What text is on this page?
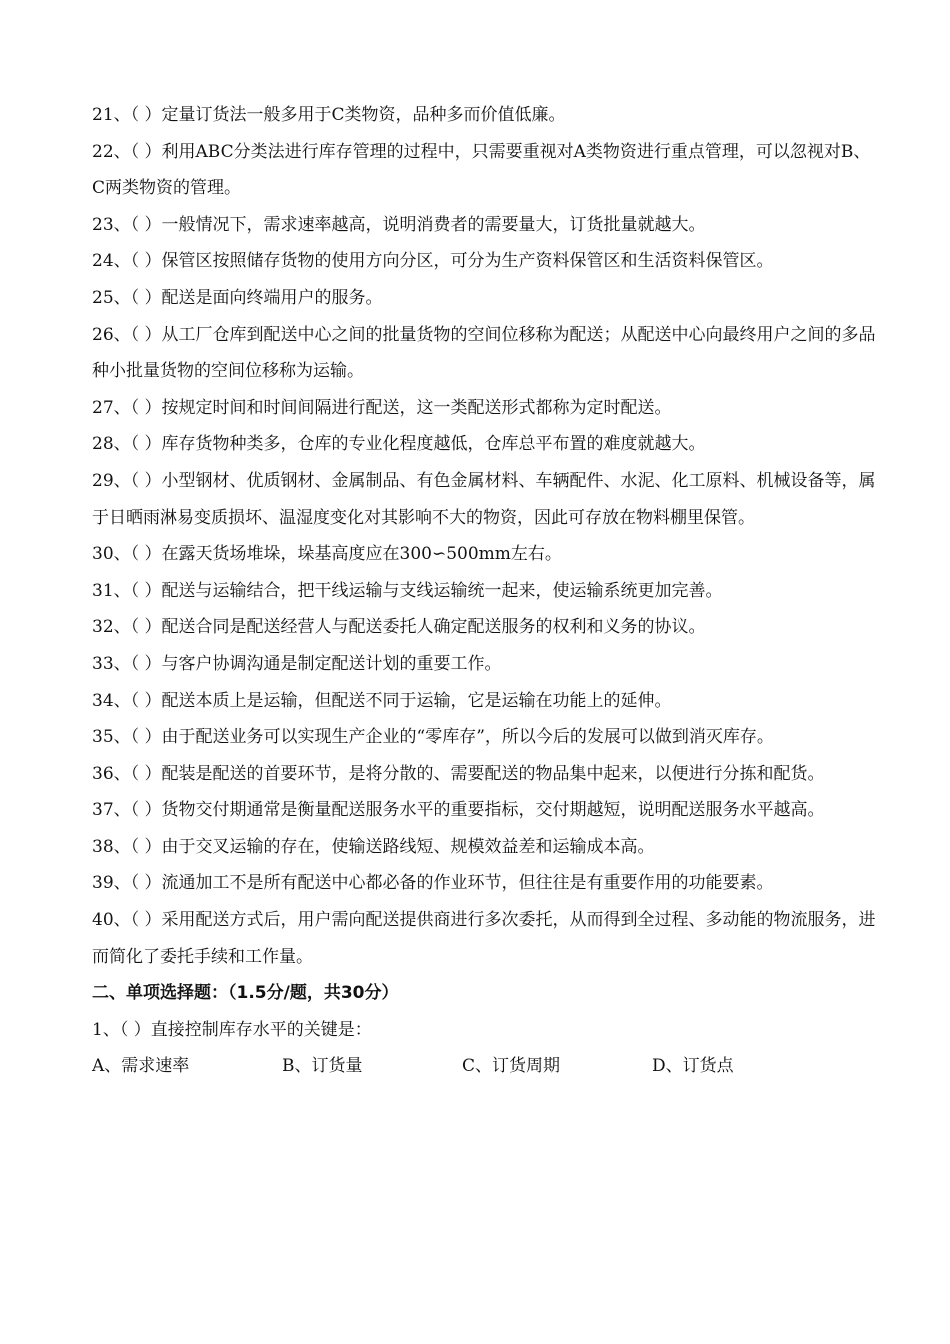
21、（ ）定量订货法一般多用于C类物资，品种多而价值低廉。

22、（ ）利用ABC分类法进行库存管理的过程中，只需要重视对A类物资进行重点管理，可以忽视对B、C两类物资的管理。

23、（ ）一般情况下，需求速率越高，说明消费者的需要量大，订货批量就越大。

24、（ ）保管区按照储存货物的使用方向分区，可分为生产资料保管区和生活资料保管区。

25、（ ）配送是面向终端用户的服务。

26、（ ）从工厂仓库到配送中心之间的批量货物的空间位移称为配送；从配送中心向最终用户之间的多品种小批量货物的空间位移称为运输。

27、（ ）按规定时间和时间间隔进行配送，这一类配送形式都称为定时配送。

28、（ ）库存货物种类多，仓库的专业化程度越低，仓库总平布置的难度就越大。

29、（ ）小型钢材、优质钢材、金属制品、有色金属材料、车辆配件、水泥、化工原料、机械设备等，属于日晒雨淋易变质损坏、温湿度变化对其影响不大的物资，因此可存放在物料棚里保管。

30、（ ）在露天货场堆垛，垛基高度应在300∽500mm左右。

31、（ ）配送与运输结合，把干线运输与支线运输统一起来，使运输系统更加完善。

32、（ ）配送合同是配送经营人与配送委托人确定配送服务的权利和义务的协议。

33、（ ）与客户协调沟通是制定配送计划的重要工作。

34、（ ）配送本质上是运输，但配送不同于运输，它是运输在功能上的延伸。

35、（ ）由于配送业务可以实现生产企业的“零库存”，所以今后的发展可以做到消灭库存。

36、（ ）配装是配送的首要环节，是将分散的、需要配送的物品集中起来，以便进行分拣和配货。

37、（ ）货物交付期通常是衡量配送服务水平的重要指标，交付期越短，说明配送服务水平越高。

38、（ ）由于交叉运输的存在，使输送路线短、规模效益差和运输成本高。

39、（ ）流通加工不是所有配送中心都必备的作业环节，但往往是有重要作用的功能要素。

40、（ ）采用配送方式后，用户需向配送提供商进行多次委托，从而得到全过程、多动能的物流服务，进而简化了委托手续和工作量。

二、单项选择题：（1.5分/题，共30分）

1、（ ）直接控制库存水平的关键是：

A、需求速率	B、订货量	C、订货周期	D、订货点
